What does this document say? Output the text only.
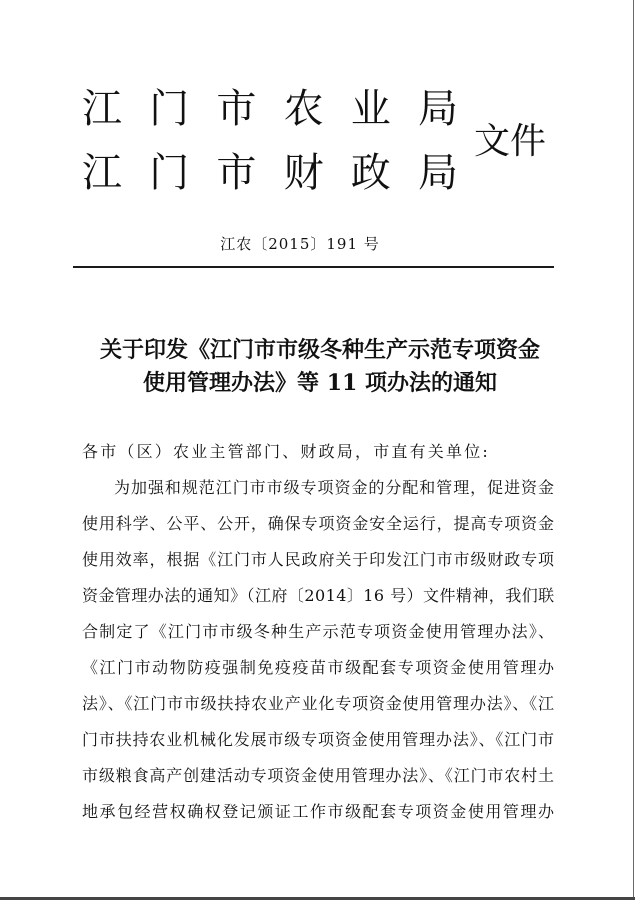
江 门 市 农 业 局
江 门 市 财 政 局
文件
江农〔2015〕191 号
关于印发《江门市市级冬种生产示范专项资金
使用管理办法》等 11 项办法的通知
各市（区）农业主管部门、财政局，市直有关单位:
为加强和规范江门市市级专项资金的分配和管理，促进资金
使用科学、公平、公开，确保专项资金安全运行，提高专项资金
使用效率，根据《江门市人民政府关于印发江门市市级财政专项
资金管理办法的通知》（江府〔2014〕16 号）文件精神，我们联
合制定了《江门市市级冬种生产示范专项资金使用管理办法》、
《江门市动物防疫强制免疫疫苗市级配套专项资金使用管理办
法》、《江门市市级扶持农业产业化专项资金使用管理办法》、《江
门市扶持农业机械化发展市级专项资金使用管理办法》、《江门市
市级粮食高产创建活动专项资金使用管理办法》、《江门市农村土
地承包经营权确权登记颁证工作市级配套专项资金使用管理办
